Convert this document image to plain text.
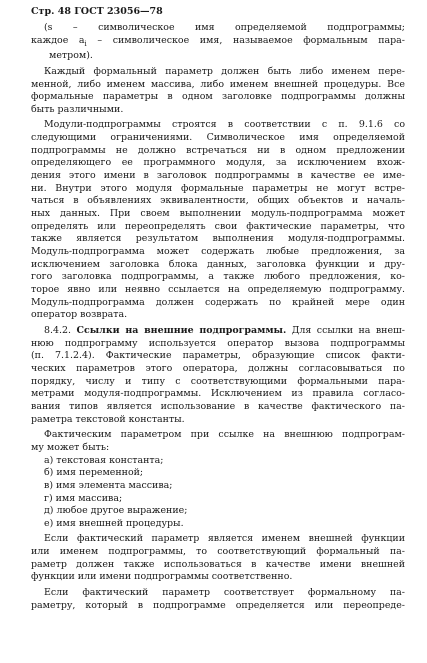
Стр. 48 ГОСТ 23056—78

(s – символическое имя определяемой подпрограммы;

каждое $a_i$ – символическое имя, называемое формальным пара-

метром).

Каждый формальный параметр должен быть либо именем пере-

менной, либо именем массива, либо именем внешней процедуры. Все

формальные параметры в одном заголовке подпрограммы должны

быть различными.

Модули-подпрограммы строятся в соответствии с п. 9.1.6 со

следующими ограничениями. Символическое имя определяемой

подпрограммы не должно встречаться ни в одном предложении

определяющего ее программного модуля, за исключением вхож-

дения этого имени в заголовок подпрограммы в качестве ее име-

ни. Внутри этого модуля формальные параметры не могут встре-

чаться в объявлениях эквивалентности, общих объектов и началь-

ных данных. При своем выполнении модуль-подпрограмма может

определять или переопределять свои фактические параметры, что

также является результатом выполнения модуля-подпрограммы.

Модуль-подпрограмма может содержать любые предложения, за

исключением заголовка блока данных, заголовка функции и дру-

гого заголовка подпрограммы, а также любого предложения, ко-

торое явно или неявно ссылается на определяемую подпрограмму.

Модуль-подпрограмма должен содержать по крайней мере один

оператор возврата.

8.4.2. Ссылки на внешние подпрограммы. Для ссылки на внеш-

нюю подпрограмму используется оператор вызова подпрограммы

(п. 7.1.2.4). Фактические параметры, образующие список факти-

ческих параметров этого оператора, должны согласовываться по

порядку, числу и типу с соответствующими формальными пара-

метрами модуля-подпрограммы. Исключением из правила согласо-

вания типов является использование в качестве фактического па-

раметра текстовой константы.

Фактическим параметром при ссылке на внешнюю подпрограм-

му может быть:

а) текстовая константа;

б) имя переменной;

в) имя элемента массива;

г) имя массива;

д) любое другое выражение;

е) имя внешней процедуры.

Если фактический параметр является именем внешней функции

или именем подпрограммы, то соответствующий формальный па-

раметр должен также использоваться в качестве имени внешней

функции или имени подпрограммы соответственно.

Если фактический параметр соответствует формальному па-

раметру, который в подпрограмме определяется или переопреде-
